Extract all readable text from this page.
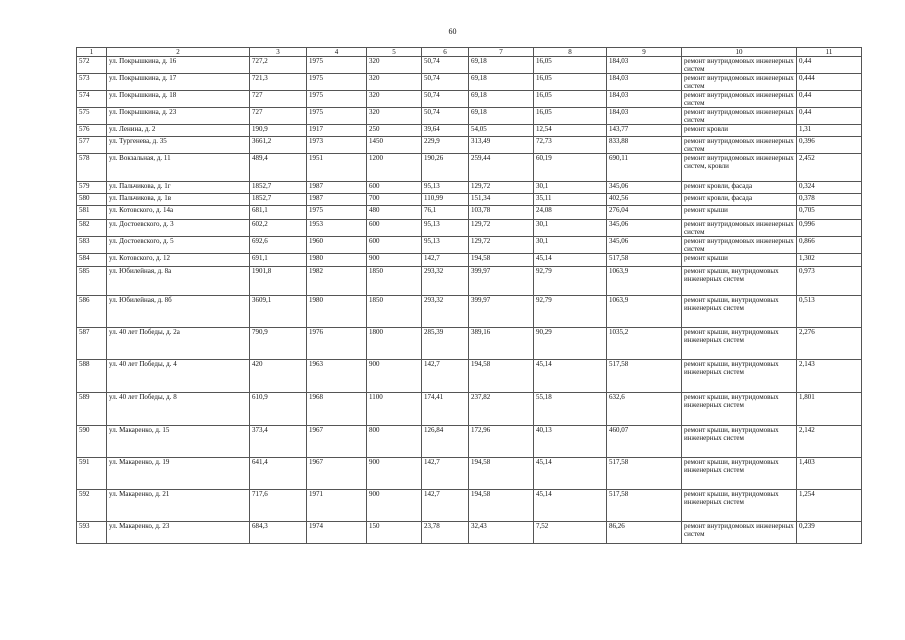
60
1	2	3	4	5	6	7	8	9	10	11
572	ул. Покрышкина, д. 16	727,2	1975	320	50,74	69,18	16,05	184,03	ремонт внутридомовых инженерных систем	0,44
573	ул. Покрышкина, д. 17	721,3	1975	320	50,74	69,18	16,05	184,03	ремонт внутридомовых инженерных систем	0,444
574	ул. Покрышкина, д. 18	727	1975	320	50,74	69,18	16,05	184,03	ремонт внутридомовых инженерных систем	0,44
575	ул. Покрышкина, д. 23	727	1975	320	50,74	69,18	16,05	184,03	ремонт внутридомовых инженерных систем	0,44
576	ул. Ленина, д. 2	190,9	1917	250	39,64	54,05	12,54	143,77	ремонт кровли	1,31
577	ул. Тургенева, д. 35	3661,2	1973	1450	229,9	313,49	72,73	833,88	ремонт внутридомовых инженерных систем	0,396
578	ул. Вокзальная, д. 11	489,4	1951	1200	190,26	259,44	60,19	690,11	ремонт внутридомовых инженерных систем, кровли	2,452
579	ул. Пальчикова, д. 1г	1852,7	1987	600	95,13	129,72	30,1	345,06	ремонт кровли, фасада	0,324
580	ул. Пальчикова, д. 1в	1852,7	1987	700	110,99	151,34	35,11	402,56	ремонт кровли, фасада	0,378
581	ул. Котовского, д. 14а	681,1	1975	480	76,1	103,78	24,08	276,04	ремонт крыши	0,705
582	ул. Достоевского, д. 3	602,2	1953	600	95,13	129,72	30,1	345,06	ремонт внутридомовых инженерных систем	0,996
583	ул. Достоевского, д. 5	692,6	1960	600	95,13	129,72	30,1	345,06	ремонт внутридомовых инженерных систем	0,866
584	ул. Котовского, д. 12	691,1	1980	900	142,7	194,58	45,14	517,58	ремонт крыши	1,302
585	ул. Юбилейная, д. 8а	1901,8	1982	1850	293,32	399,97	92,79	1063,9	ремонт крыши, внутридомовых инженерных систем	0,973
586	ул. Юбилейная, д. 8б	3609,1	1980	1850	293,32	399,97	92,79	1063,9	ремонт крыши, внутридомовых инженерных систем	0,513
587	ул. 40 лет Победы, д. 2а	790,9	1976	1800	285,39	389,16	90,29	1035,2	ремонт крыши, внутридомовых инженерных систем	2,276
588	ул. 40 лет Победы, д. 4	420	1963	900	142,7	194,58	45,14	517,58	ремонт крыши, внутридомовых инженерных систем	2,143
589	ул. 40 лет Победы, д. 8	610,9	1968	1100	174,41	237,82	55,18	632,6	ремонт крыши, внутридомовых инженерных систем	1,801
590	ул. Макаренко, д. 15	373,4	1967	800	126,84	172,96	40,13	460,07	ремонт крыши, внутридомовых инженерных систем	2,142
591	ул. Макаренко, д. 19	641,4	1967	900	142,7	194,58	45,14	517,58	ремонт крыши, внутридомовых инженерных систем	1,403
592	ул. Макаренко, д. 21	717,6	1971	900	142,7	194,58	45,14	517,58	ремонт крыши, внутридомовых инженерных систем	1,254
593	ул. Макаренко, д. 23	684,3	1974	150	23,78	32,43	7,52	86,26	ремонт внутридомовых инженерных систем	0,239
